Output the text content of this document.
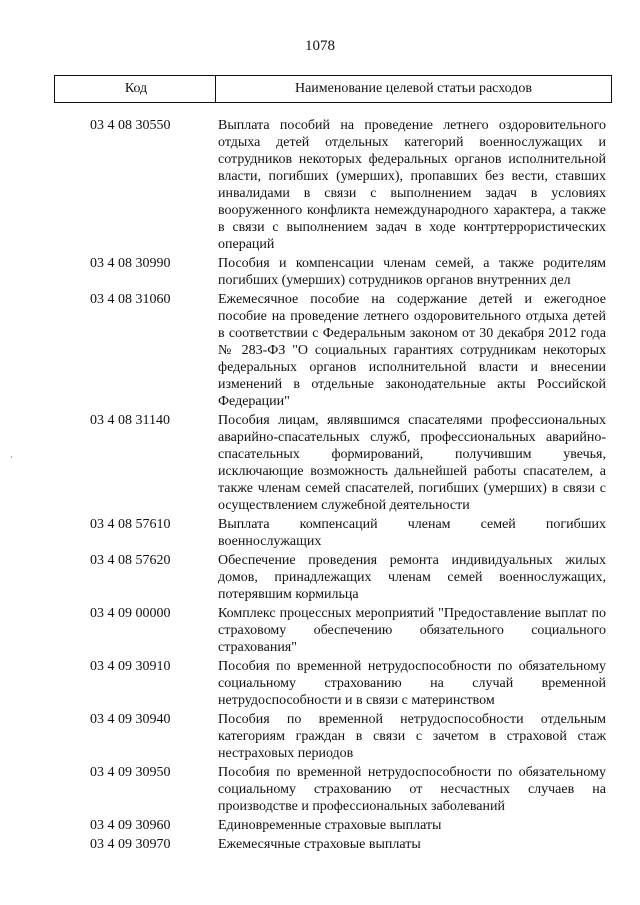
1078
Код	Наименование целевой статьи расходов
03 4 08 30550	Выплата пособий на проведение летнего оздоровительного отдыха детей отдельных категорий военнослужащих и сотрудников некоторых федеральных органов исполнительной власти, погибших (умерших), пропавших без вести, ставших инвалидами в связи с выполнением задач в условиях вооруженного конфликта немеждународного характера, а также в связи с выполнением задач в ходе контртеррористических операций
03 4 08 30990	Пособия и компенсации членам семей, а также родителям погибших (умерших) сотрудников органов внутренних дел
03 4 08 31060	Ежемесячное пособие на содержание детей и ежегодное пособие на проведение летнего оздоровительного отдыха детей в соответствии с Федеральным законом от 30 декабря 2012 года № 283-ФЗ "О социальных гарантиях сотрудникам некоторых федеральных органов исполнительной власти и внесении изменений в отдельные законодательные акты Российской Федерации"
03 4 08 31140	Пособия лицам, являвшимся спасателями профессиональных аварийно-спасательных служб, профессиональных аварийно-спасательных формирований, получившим увечья, исключающие возможность дальнейшей работы спасателем, а также членам семей спасателей, погибших (умерших) в связи с осуществлением служебной деятельности
03 4 08 57610	Выплата компенсаций членам семей погибших военнослужащих
03 4 08 57620	Обеспечение проведения ремонта индивидуальных жилых домов, принадлежащих членам семей военнослужащих, потерявшим кормильца
03 4 09 00000	Комплекс процессных мероприятий "Предоставление выплат по страховому обеспечению обязательного социального страхования"
03 4 09 30910	Пособия по временной нетрудоспособности по обязательному социальному страхованию на случай временной нетрудоспособности и в связи с материнством
03 4 09 30940	Пособия по временной нетрудоспособности отдельным категориям граждан в связи с зачетом в страховой стаж нестраховых периодов
03 4 09 30950	Пособия по временной нетрудоспособности по обязательному социальному страхованию от несчастных случаев на производстве и профессиональных заболеваний
03 4 09 30960	Единовременные страховые выплаты
03 4 09 30970	Ежемесячные страховые выплаты
·
